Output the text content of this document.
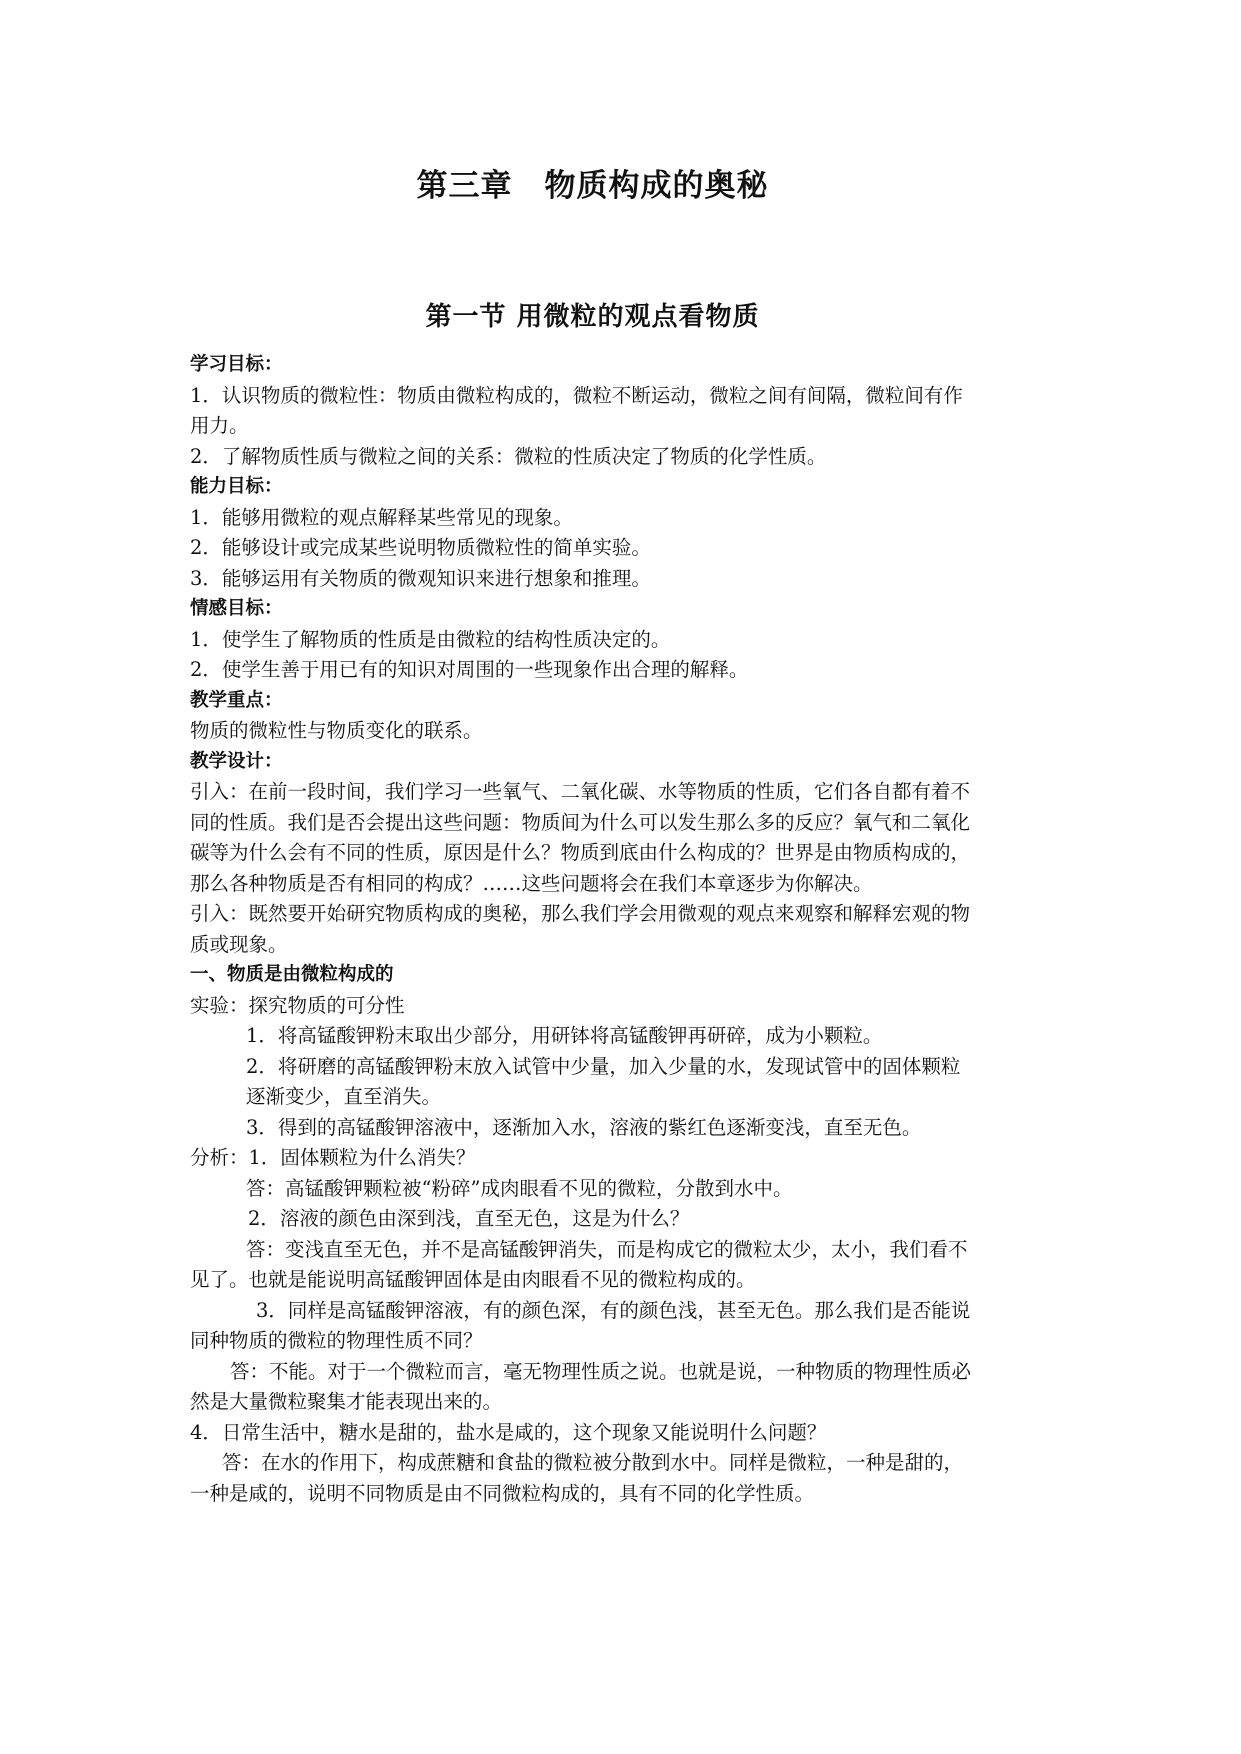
第三章　物质构成的奥秘
第一节 用微粒的观点看物质
学习目标：
1．认识物质的微粒性：物质由微粒构成的，微粒不断运动，微粒之间有间隔，微粒间有作
用力。
2．了解物质性质与微粒之间的关系：微粒的性质决定了物质的化学性质。
能力目标：
1．能够用微粒的观点解释某些常见的现象。
2．能够设计或完成某些说明物质微粒性的简单实验。
3．能够运用有关物质的微观知识来进行想象和推理。
情感目标：
1．使学生了解物质的性质是由微粒的结构性质决定的。
2．使学生善于用已有的知识对周围的一些现象作出合理的解释。
教学重点：
物质的微粒性与物质变化的联系。
教学设计：
引入：在前一段时间，我们学习一些氧气、二氧化碳、水等物质的性质，它们各自都有着不
同的性质。我们是否会提出这些问题：物质间为什么可以发生那么多的反应？氧气和二氧化
碳等为什么会有不同的性质，原因是什么？物质到底由什么构成的？世界是由物质构成的，
那么各种物质是否有相同的构成？……这些问题将会在我们本章逐步为你解决。
引入：既然要开始研究物质构成的奥秘，那么我们学会用微观的观点来观察和解释宏观的物
质或现象。
一、物质是由微粒构成的
实验：探究物质的可分性
1．将高锰酸钾粉末取出少部分，用研钵将高锰酸钾再研碎，成为小颗粒。
2．将研磨的高锰酸钾粉末放入试管中少量，加入少量的水，发现试管中的固体颗粒
逐渐变少，直至消失。
3．得到的高锰酸钾溶液中，逐渐加入水，溶液的紫红色逐渐变浅，直至无色。
分析：1．固体颗粒为什么消失？
答：高锰酸钾颗粒被“粉碎”成肉眼看不见的微粒，分散到水中。
2．溶液的颜色由深到浅，直至无色，这是为什么？
答：变浅直至无色，并不是高锰酸钾消失，而是构成它的微粒太少，太小，我们看不
见了。也就是能说明高锰酸钾固体是由肉眼看不见的微粒构成的。
3．同样是高锰酸钾溶液，有的颜色深，有的颜色浅，甚至无色。那么我们是否能说
同种物质的微粒的物理性质不同？
答：不能。对于一个微粒而言，毫无物理性质之说。也就是说，一种物质的物理性质必
然是大量微粒聚集才能表现出来的。
4．日常生活中，糖水是甜的，盐水是咸的，这个现象又能说明什么问题？
答：在水的作用下，构成蔗糖和食盐的微粒被分散到水中。同样是微粒，一种是甜的，
一种是咸的，说明不同物质是由不同微粒构成的，具有不同的化学性质。
